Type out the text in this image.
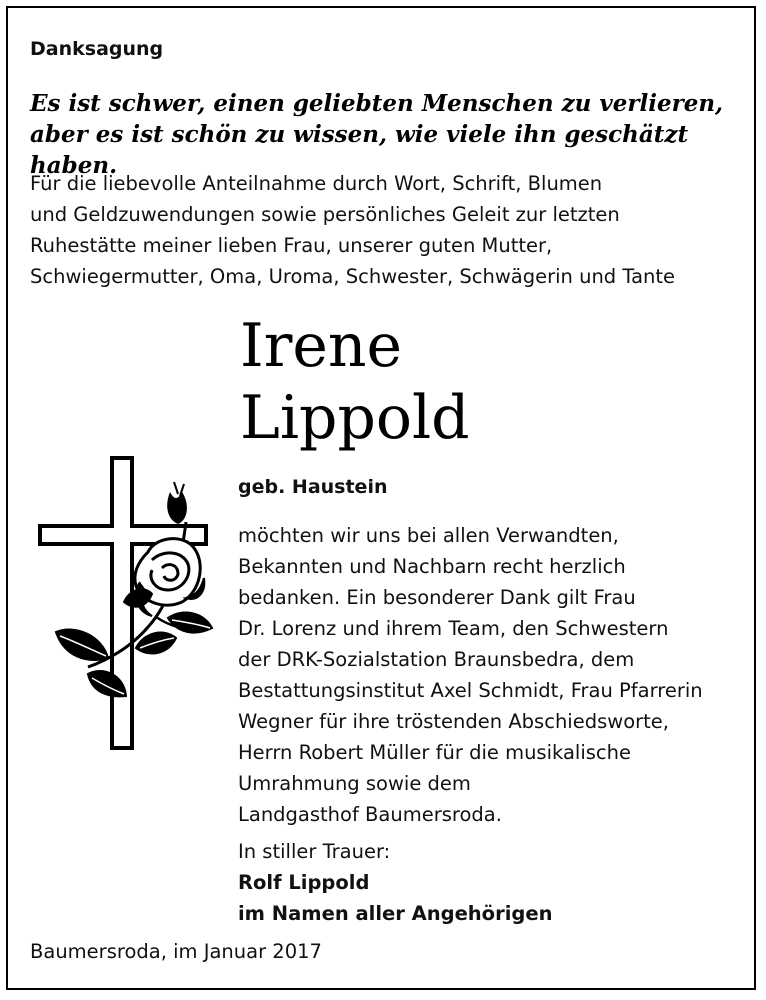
Danksagung
Es ist schwer, einen geliebten Menschen zu verlieren,
aber es ist schön zu wissen, wie viele ihn geschätzt haben.
Für die liebevolle Anteilnahme durch Wort, Schrift, Blumen
und Geldzuwendungen sowie persönliches Geleit zur letzten
Ruhestätte meiner lieben Frau, unserer guten Mutter,
Schwiegermutter, Oma, Uroma, Schwester, Schwägerin und Tante
Irene
Lippold
geb. Haustein
möchten wir uns bei allen Verwandten,
Bekannten und Nachbarn recht herzlich
bedanken. Ein besonderer Dank gilt Frau
Dr. Lorenz und ihrem Team, den Schwestern
der DRK-Sozialstation Braunsbedra, dem
Bestattungsinstitut Axel Schmidt, Frau Pfarrerin
Wegner für ihre tröstenden Abschiedsworte,
Herrn Robert Müller für die musikalische
Umrahmung sowie dem
Landgasthof Baumersroda.
In stiller Trauer:
Rolf Lippold
im Namen aller Angehörigen
Baumersroda, im Januar 2017
